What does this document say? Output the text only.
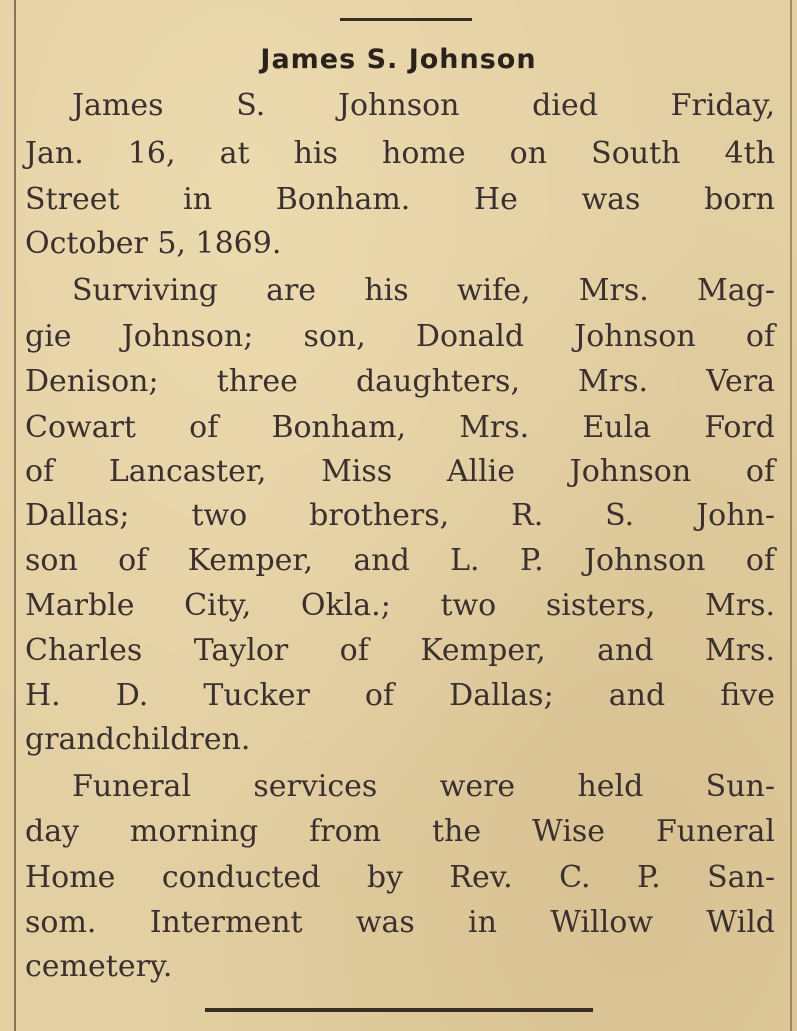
James S. Johnson
James S. Johnson died Friday,
Jan. 16, at his home on South 4th
Street in Bonham. He was born
October 5, 1869.
Surviving are his wife, Mrs. Mag-
gie Johnson; son, Donald Johnson of
Denison; three daughters, Mrs. Vera
Cowart of Bonham, Mrs. Eula Ford
of Lancaster, Miss Allie Johnson of
Dallas; two brothers, R. S. John-
son of Kemper, and L. P. Johnson of
Marble City, Okla.; two sisters, Mrs.
Charles Taylor of Kemper, and Mrs.
H. D. Tucker of Dallas; and five
grandchildren.
Funeral services were held Sun-
day morning from the Wise Funeral
Home conducted by Rev. C. P. San-
som. Interment was in Willow Wild
cemetery.
